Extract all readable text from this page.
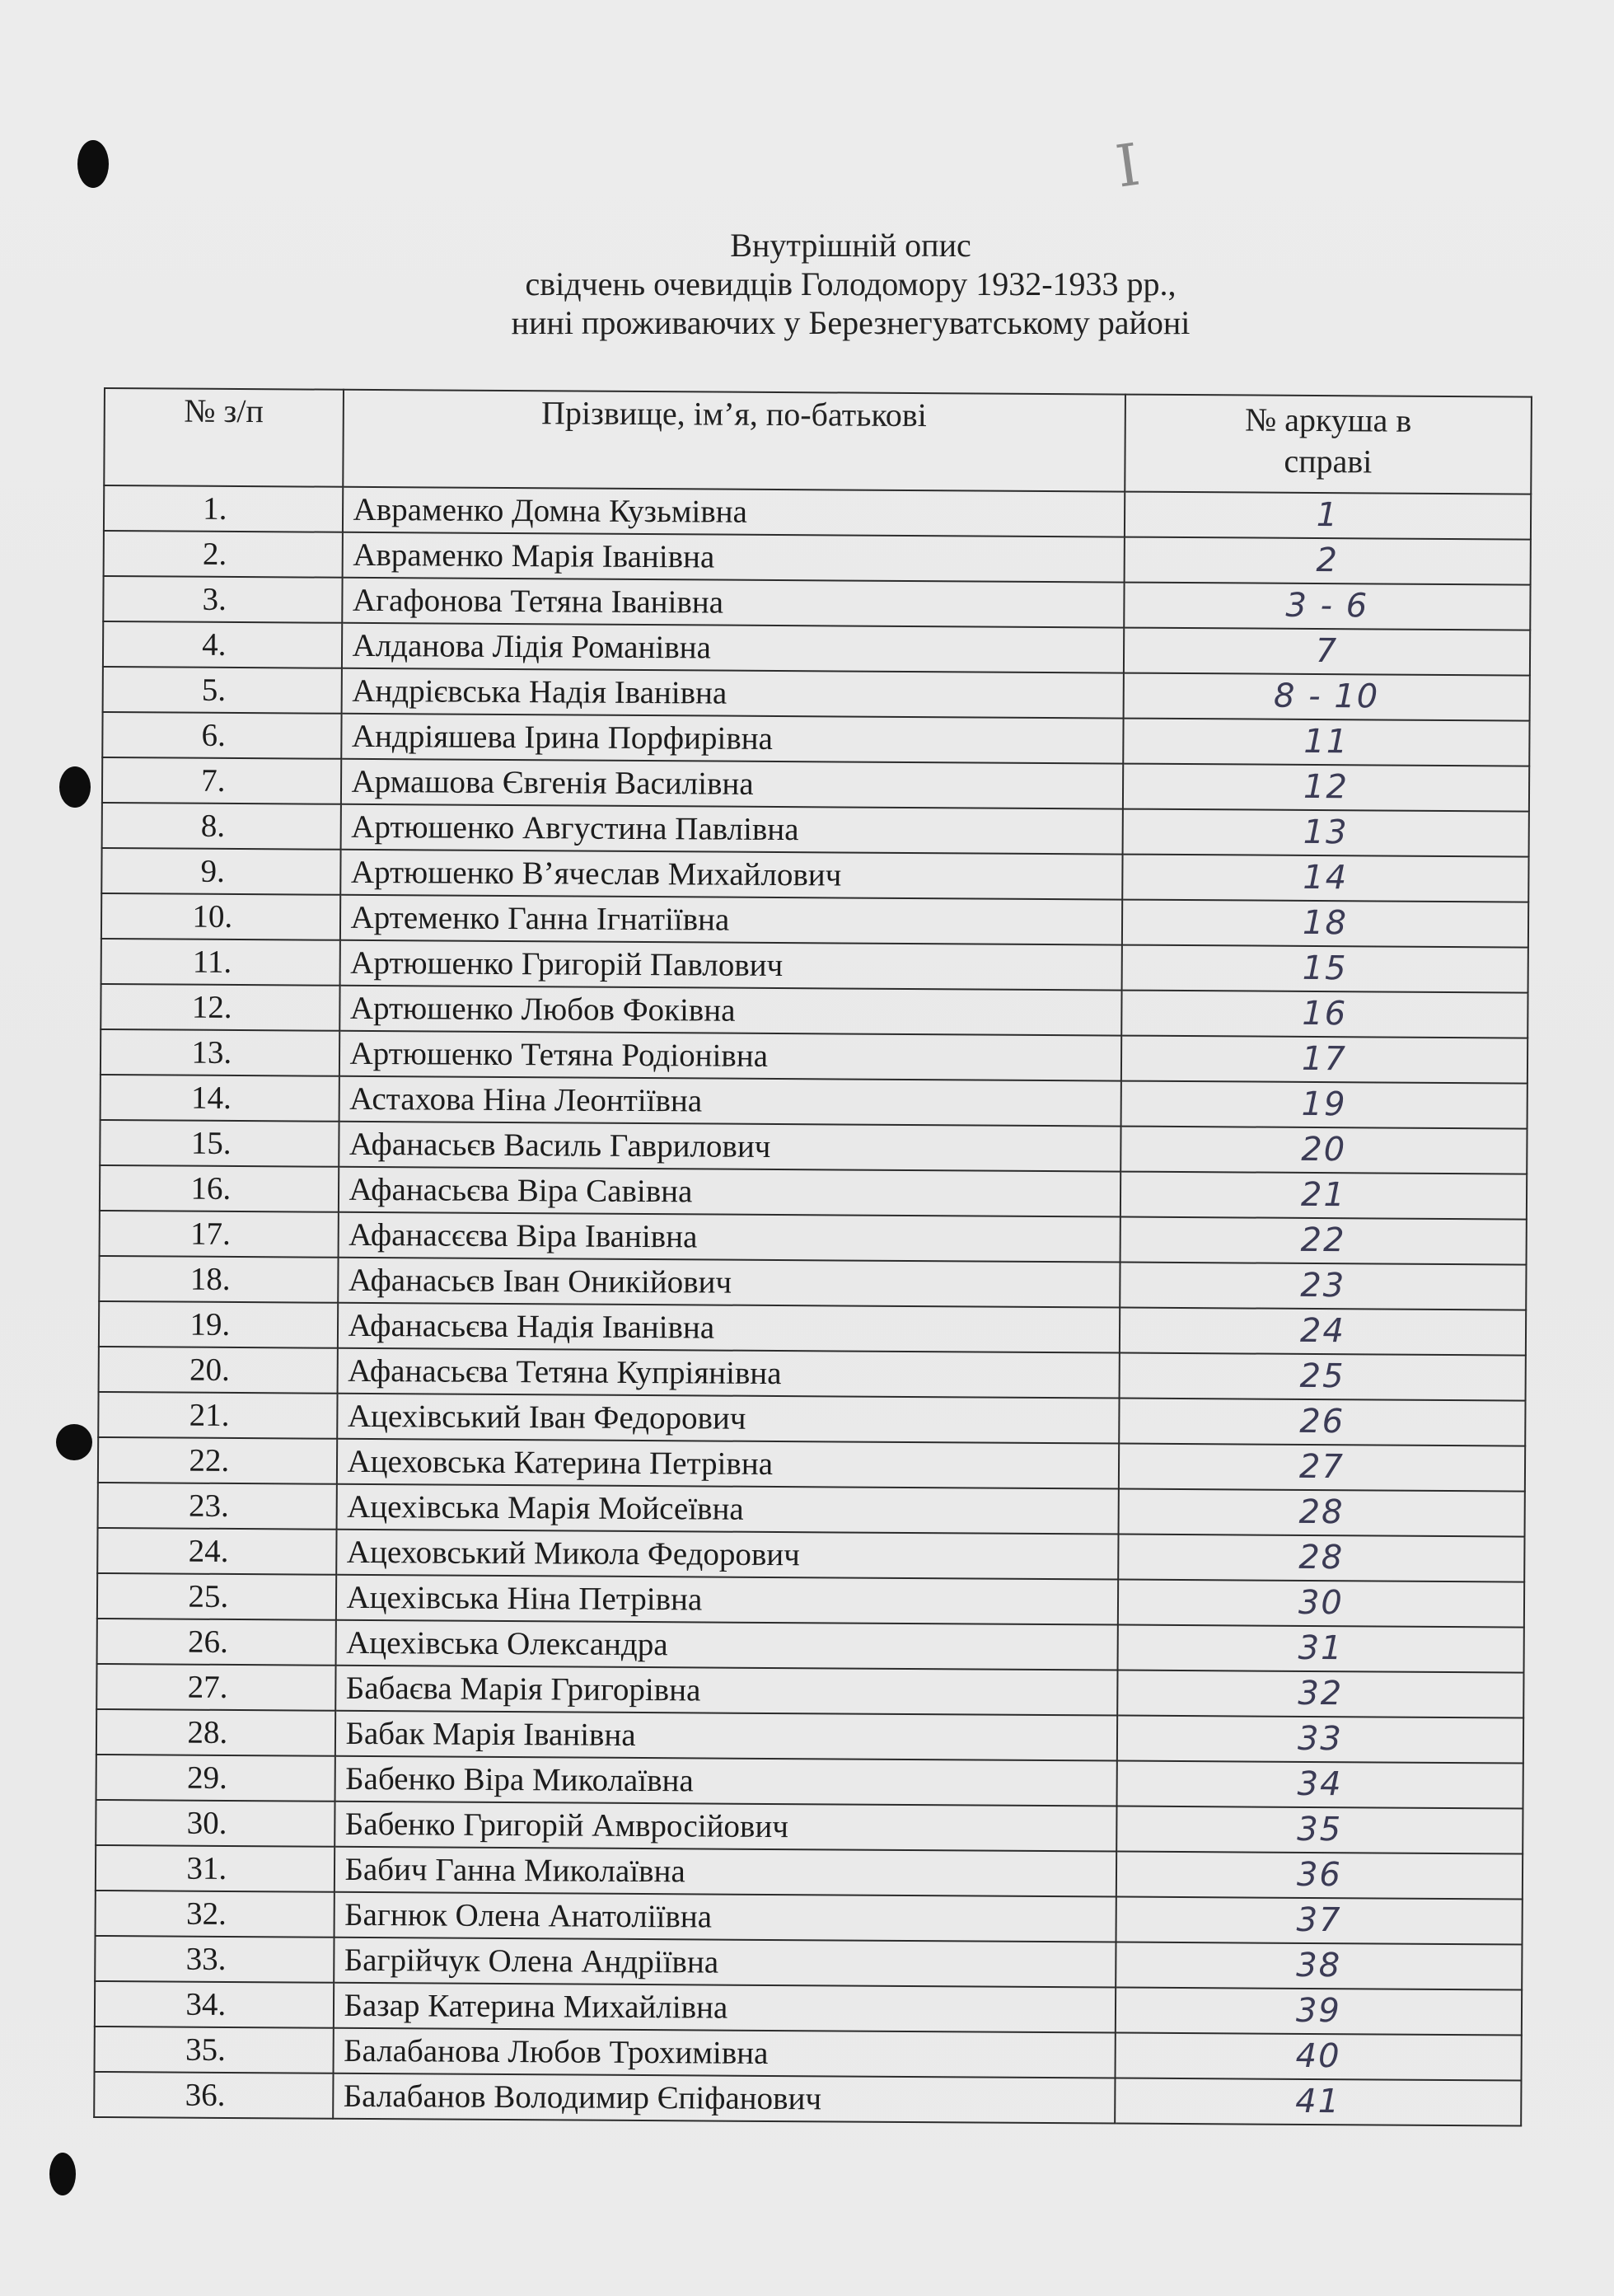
I
Внутрішній опис
свідчень очевидців Голодомору 1932-1933 рр.,
нині проживаючих у Березнегуватському районі
№ з/п	Прізвище, ім’я, по-батькові	№ аркуша в
справі

1.	Авраменко Домна Кузьмівна	1
2.	Авраменко Марія Іванівна	2
3.	Агафонова Тетяна Іванівна	3 - 6
4.	Алданова Лідія Романівна	7
5.	Андрієвська Надія Іванівна	8 - 10
6.	Андріяшева Ірина Порфирівна	11
7.	Армашова Євгенія Василівна	12
8.	Артюшенко Августина Павлівна	13
9.	Артюшенко В’ячеслав Михайлович	14
10.	Артеменко Ганна Ігнатіївна	18
11.	Артюшенко Григорій Павлович	15
12.	Артюшенко Любов Фоківна	16
13.	Артюшенко Тетяна Родіонівна	17
14.	Астахова Ніна Леонтіївна	19
15.	Афанасьєв Василь Гаврилович	20
16.	Афанасьєва Віра Савівна	21
17.	Афанасєєва Віра Іванівна	22
18.	Афанасьєв Іван Оникійович	23
19.	Афанасьєва Надія Іванівна	24
20.	Афанасьєва Тетяна Купріянівна	25
21.	Ацехівський Іван Федорович	26
22.	Ацеховська Катерина Петрівна	27
23.	Ацехівська Марія Мойсеївна	28
24.	Ацеховський Микола Федорович	28
25.	Ацехівська Ніна Петрівна	30
26.	Ацехівська Олександра	31
27.	Бабаєва Марія Григорівна	32
28.	Бабак Марія Іванівна	33
29.	Бабенко Віра Миколаївна	34
30.	Бабенко Григорій Амвросійович	35
31.	Бабич Ганна Миколаївна	36
32.	Багнюк Олена Анатоліївна	37
33.	Багрійчук Олена Андріївна	38
34.	Базар Катерина Михайлівна	39
35.	Балабанова Любов Трохимівна	40
36.	Балабанов Володимир Єпіфанович	41
